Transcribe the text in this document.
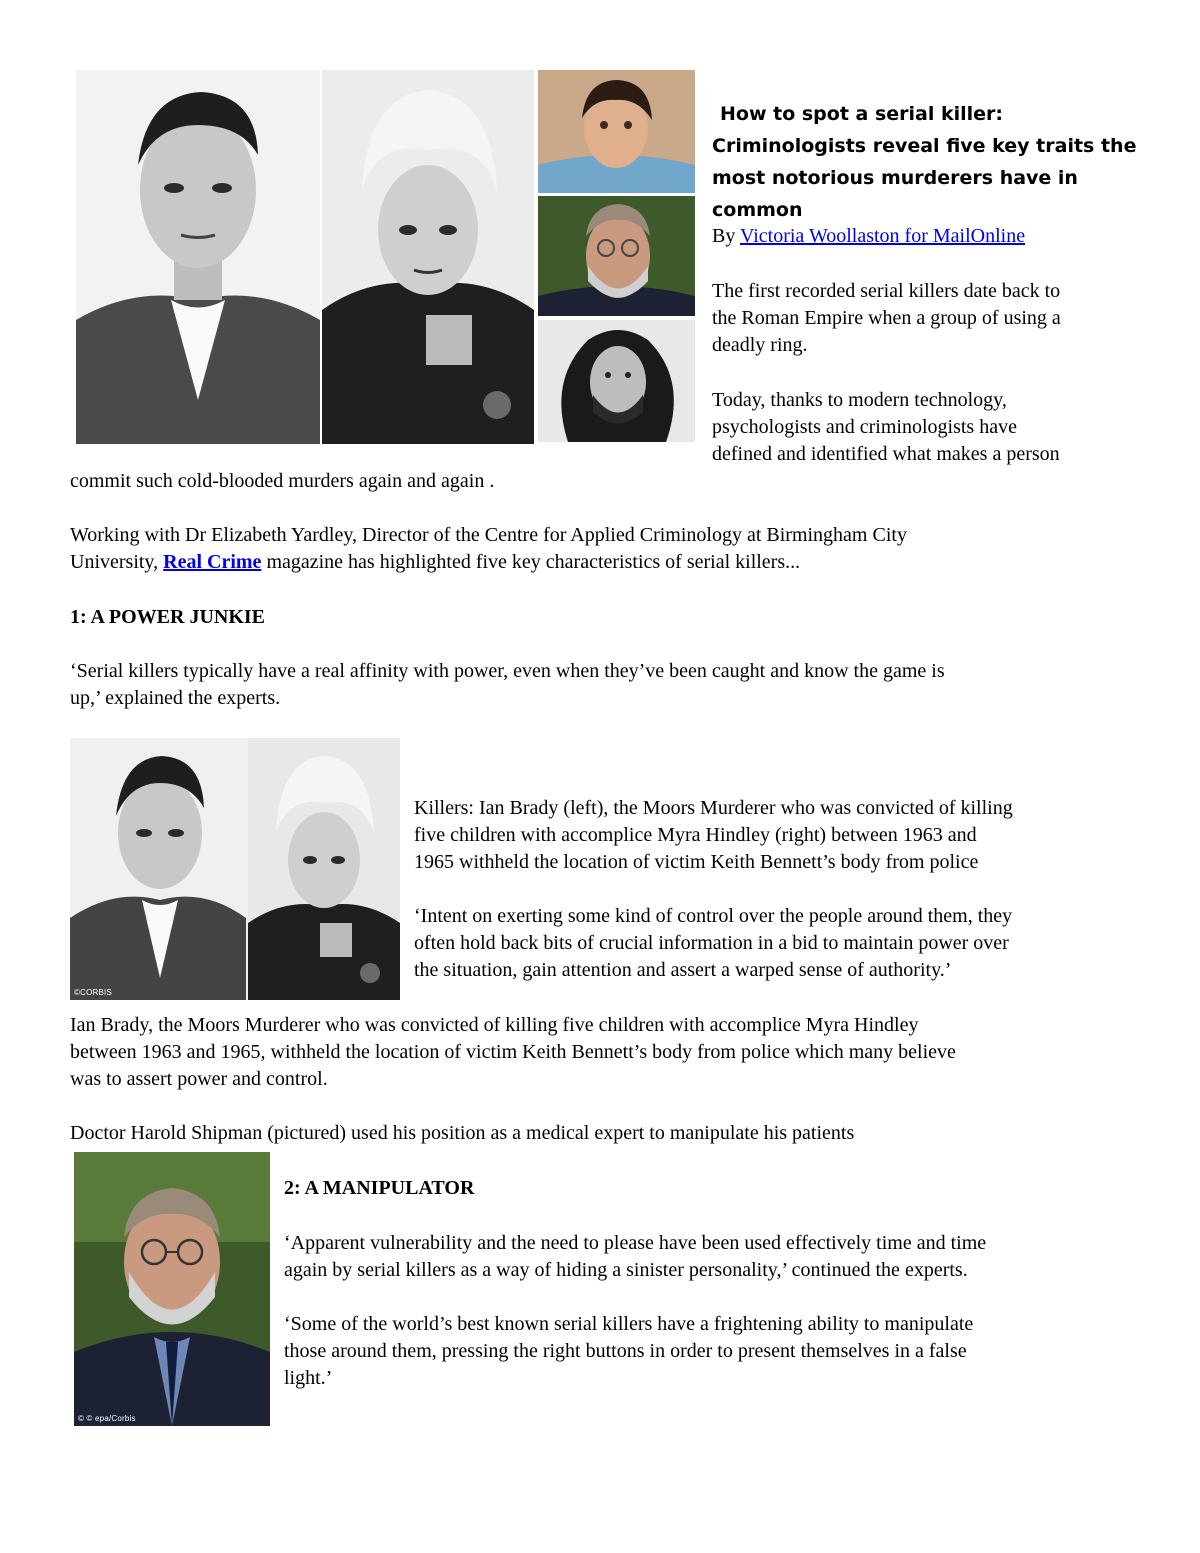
How to spot a serial killer:

Criminologists reveal five key traits the

most notorious murderers have in

common

By Victoria Woollaston for MailOnline

The first recorded serial killers date back to

the Roman Empire when a group of using a

deadly ring.

Today, thanks to modern technology,

psychologists and criminologists have

defined and identified what makes a person

commit such cold-blooded murders again and again .

Working with Dr Elizabeth Yardley, Director of the Centre for Applied Criminology at Birmingham City

University, Real Crime magazine has highlighted five key characteristics of serial killers...

1: A POWER JUNKIE

‘Serial killers typically have a real affinity with power, even when they’ve been caught and know the game is

up,’ explained the experts.

©CORBIS

Killers: Ian Brady (left), the Moors Murderer who was convicted of killing

five children with accomplice Myra Hindley (right) between 1963 and

1965 withheld the location of victim Keith Bennett’s body from police

‘Intent on exerting some kind of control over the people around them, they

often hold back bits of crucial information in a bid to maintain power over

the situation, gain attention and assert a warped sense of authority.’

Ian Brady, the Moors Murderer who was convicted of killing five children with accomplice Myra Hindley

between 1963 and 1965, withheld the location of victim Keith Bennett’s body from police which many believe

was to assert power and control.

Doctor Harold Shipman (pictured) used his position as a medical expert to manipulate his patients

© © epa/Corbis

2: A MANIPULATOR

‘Apparent vulnerability and the need to please have been used effectively time and time

again by serial killers as a way of hiding a sinister personality,’ continued the experts.

‘Some of the world’s best known serial killers have a frightening ability to manipulate

those around them, pressing the right buttons in order to present themselves in a false

light.’
